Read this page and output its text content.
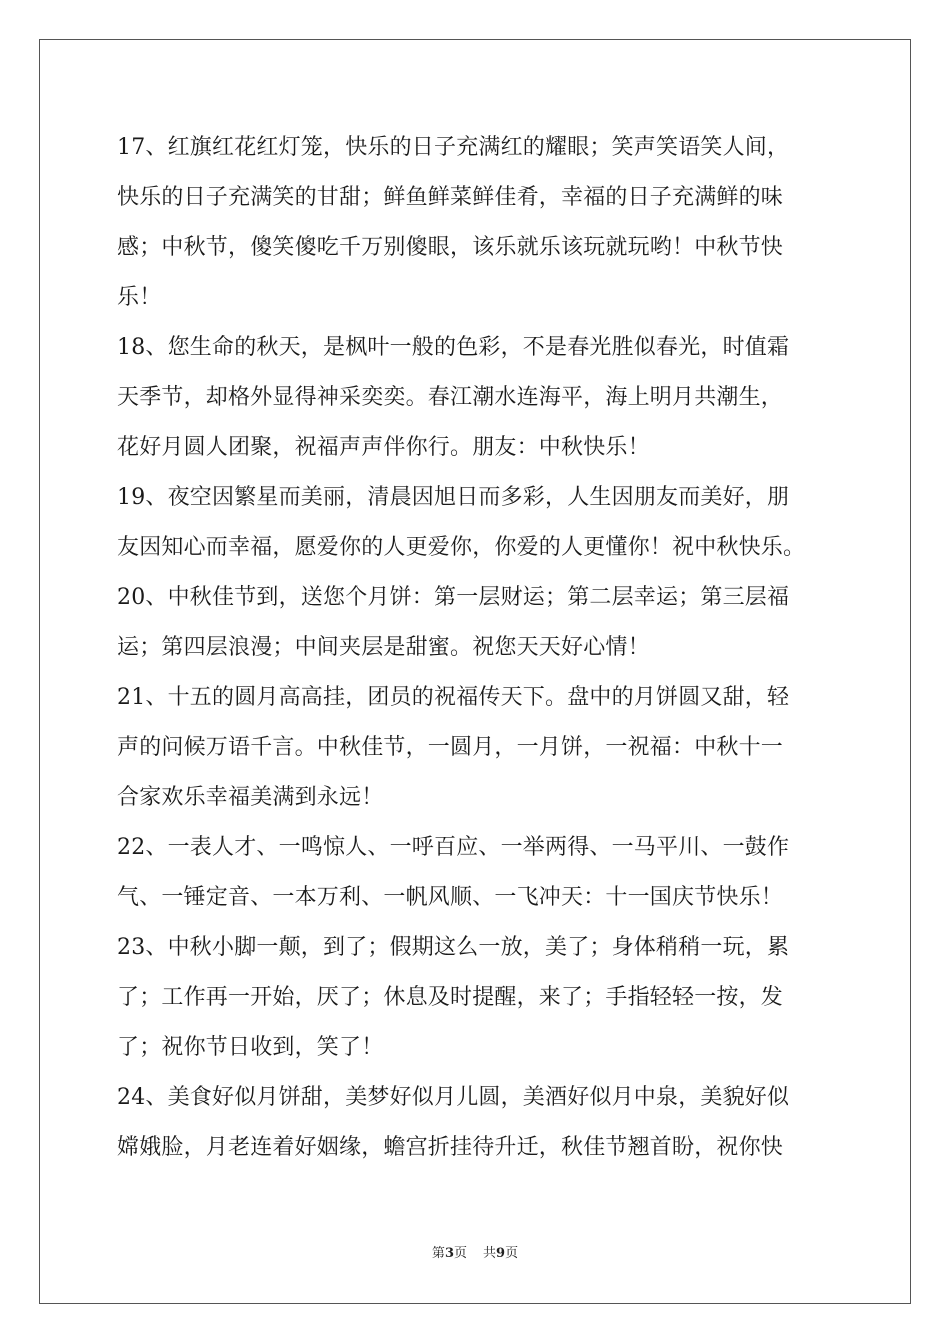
17、红旗红花红灯笼，快乐的日子充满红的耀眼；笑声笑语笑人间，
快乐的日子充满笑的甘甜；鲜鱼鲜菜鲜佳肴，幸福的日子充满鲜的味
感；中秋节，傻笑傻吃千万别傻眼，该乐就乐该玩就玩哟！中秋节快
乐！
18、您生命的秋天，是枫叶一般的色彩，不是春光胜似春光，时值霜
天季节，却格外显得神采奕奕。春江潮水连海平，海上明月共潮生，
花好月圆人团聚，祝福声声伴你行。朋友：中秋快乐！
19、夜空因繁星而美丽，清晨因旭日而多彩，人生因朋友而美好，朋
友因知心而幸福，愿爱你的人更爱你，你爱的人更懂你！祝中秋快乐。
20、中秋佳节到，送您个月饼：第一层财运；第二层幸运；第三层福
运；第四层浪漫；中间夹层是甜蜜。祝您天天好心情！
21、十五的圆月高高挂，团员的祝福传天下。盘中的月饼圆又甜，轻
声的问候万语千言。中秋佳节，一圆月，一月饼，一祝福：中秋十一
合家欢乐幸福美满到永远！
22、一表人才、一鸣惊人、一呼百应、一举两得、一马平川、一鼓作
气、一锤定音、一本万利、一帆风顺、一飞冲天：十一国庆节快乐！
23、中秋小脚一颠，到了；假期这么一放，美了；身体稍稍一玩，累
了；工作再一开始，厌了；休息及时提醒，来了；手指轻轻一按，发
了；祝你节日收到，笑了！
24、美食好似月饼甜，美梦好似月儿圆，美酒好似月中泉，美貌好似
嫦娥脸，月老连着好姻缘，蟾宫折挂待升迁，秋佳节翘首盼，祝你快
第3页 共9页
